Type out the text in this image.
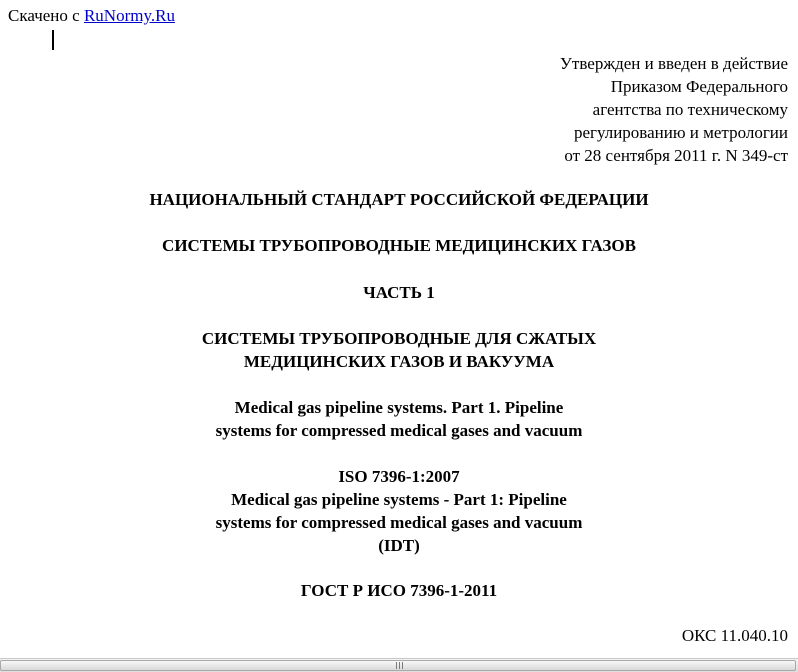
Скачено с RuNormy.Ru
Утвержден и введен в действие
Приказом Федерального
агентства по техническому
регулированию и метрологии
от 28 сентября 2011 г. N 349-ст
НАЦИОНАЛЬНЫЙ СТАНДАРТ РОССИЙСКОЙ ФЕДЕРАЦИИ
СИСТЕМЫ ТРУБОПРОВОДНЫЕ МЕДИЦИНСКИХ ГАЗОВ
ЧАСТЬ 1
СИСТЕМЫ ТРУБОПРОВОДНЫЕ ДЛЯ СЖАТЫХ
МЕДИЦИНСКИХ ГАЗОВ И ВАКУУМА
Medical gas pipeline systems. Part 1. Pipeline
systems for compressed medical gases and vacuum
ISO 7396-1:2007
Medical gas pipeline systems - Part 1: Pipeline
systems for compressed medical gases and vacuum
(IDT)
ГОСТ Р ИСО 7396-1-2011
ОКС 11.040.10
